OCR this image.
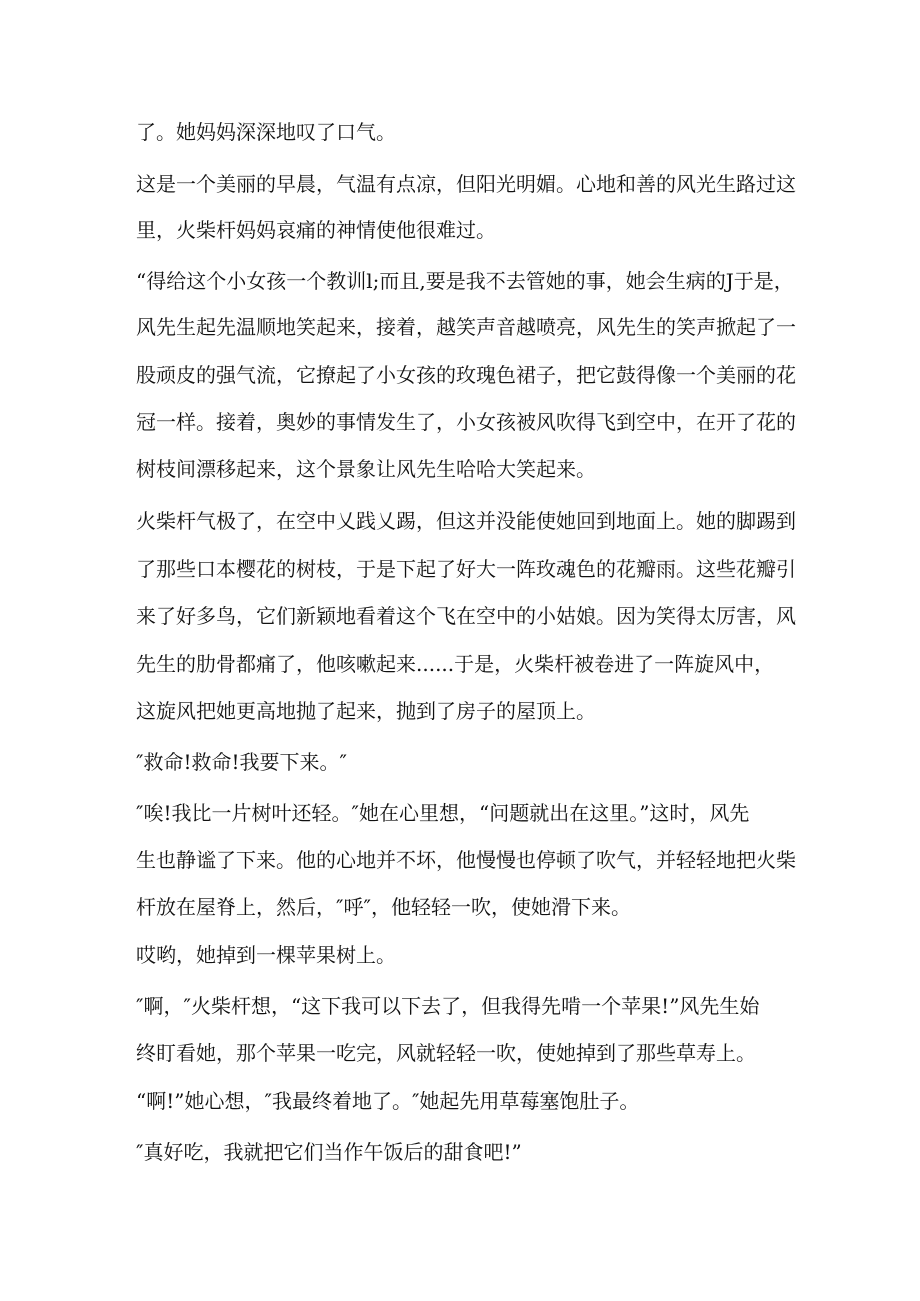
了。她妈妈深深地叹了口气。

这是一个美丽的早晨，气温有点凉，但阳光明媚。心地和善的风光生路过这

里，火柴杆妈妈哀痛的神情使他很难过。

“得给这个小女孩一个教训l;而且,要是我不去管她的事，她会生病的J于是，

风先生起先温顺地笑起来，接着，越笑声音越喷亮，风先生的笑声掀起了一

股顽皮的强气流，它撩起了小女孩的玫瑰色裙子，把它鼓得像一个美丽的花

冠一样。接着，奥妙的事情发生了，小女孩被风吹得飞到空中，在开了花的

树枝间漂移起来，这个景象让风先生哈哈大笑起来。

火柴杆气极了，在空中乂践乂踢，但这并没能使她回到地面上。她的脚踢到

了那些口本樱花的树枝，于是下起了好大一阵玫魂色的花瓣雨。这些花瓣引

来了好多鸟，它们新颖地看着这个飞在空中的小姑娘。因为笑得太厉害，风

先生的肋骨都痛了，他咳嗽起来......于是，火柴杆被卷进了一阵旋风中，

这旋风把她更高地抛了起来，抛到了房子的屋顶上。

″救命!救命!我要下来。″

″唉!我比一片树叶还轻。″她在心里想，“问题就出在这里。”这时，风先

生也静谧了下来。他的心地并不坏，他慢慢也停顿了吹气，并轻轻地把火柴

杆放在屋脊上，然后，″呼″，他轻轻一吹，使她滑下来。

哎哟，她掉到一棵苹果树上。

″啊，″火柴杆想，“这下我可以下去了，但我得先啃一个苹果!”风先生始

终盯看她，那个苹果一吃完，风就轻轻一吹，使她掉到了那些草寿上。

“啊!”她心想，″我最终着地了。″她起先用草莓塞饱肚子。

″真好吃，我就把它们当作午饭后的甜食吧!”
